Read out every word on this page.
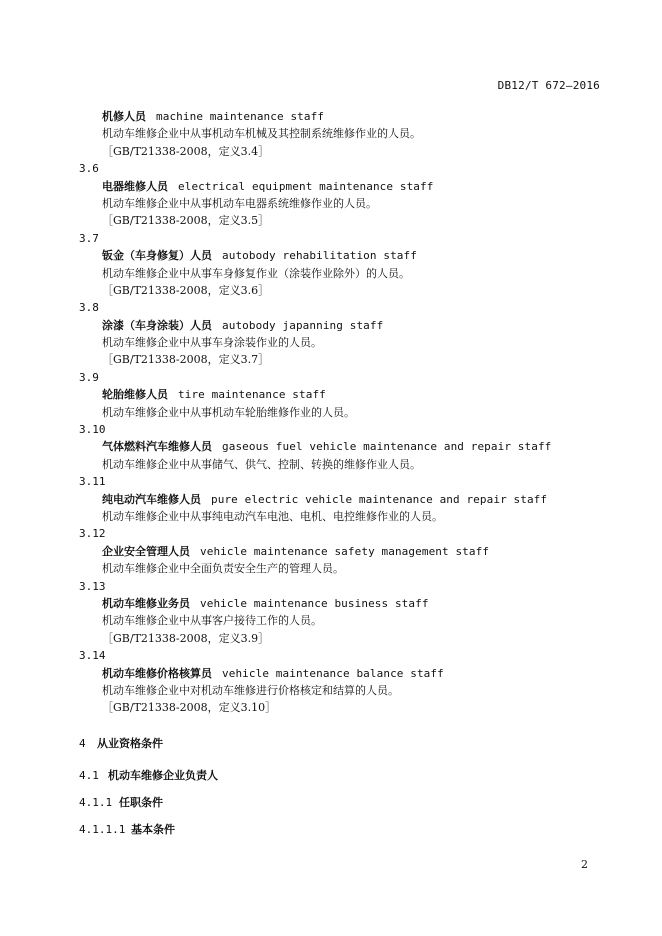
DB12/T 672—2016
机修人员 machine maintenance staff
机动车维修企业中从事机动车机械及其控制系统维修作业的人员。
［GB/T21338-2008，定义3.4］
3.6
电器维修人员 electrical equipment maintenance staff
机动车维修企业中从事机动车电器系统维修作业的人员。
［GB/T21338-2008，定义3.5］
3.7
钣金（车身修复）人员 autobody rehabilitation staff
机动车维修企业中从事车身修复作业（涂装作业除外）的人员。
［GB/T21338-2008，定义3.6］
3.8
涂漆（车身涂装）人员 autobody japanning staff
机动车维修企业中从事车身涂装作业的人员。
［GB/T21338-2008，定义3.7］
3.9
轮胎维修人员 tire maintenance staff
机动车维修企业中从事机动车轮胎维修作业的人员。
3.10
气体燃料汽车维修人员 gaseous fuel vehicle maintenance and repair staff
机动车维修企业中从事储气、供气、控制、转换的维修作业人员。
3.11
纯电动汽车维修人员 pure electric vehicle maintenance and repair staff
机动车维修企业中从事纯电动汽车电池、电机、电控维修作业的人员。
3.12
企业安全管理人员 vehicle maintenance safety management staff
机动车维修企业中全面负责安全生产的管理人员。
3.13
机动车维修业务员 vehicle maintenance business staff
机动车维修企业中从事客户接待工作的人员。
［GB/T21338-2008，定义3.9］
3.14
机动车维修价格核算员 vehicle maintenance balance staff
机动车维修企业中对机动车维修进行价格核定和结算的人员。
［GB/T21338-2008，定义3.10］
4 从业资格条件
4.1 机动车维修企业负责人
4.1.1 任职条件
4.1.1.1 基本条件
2
